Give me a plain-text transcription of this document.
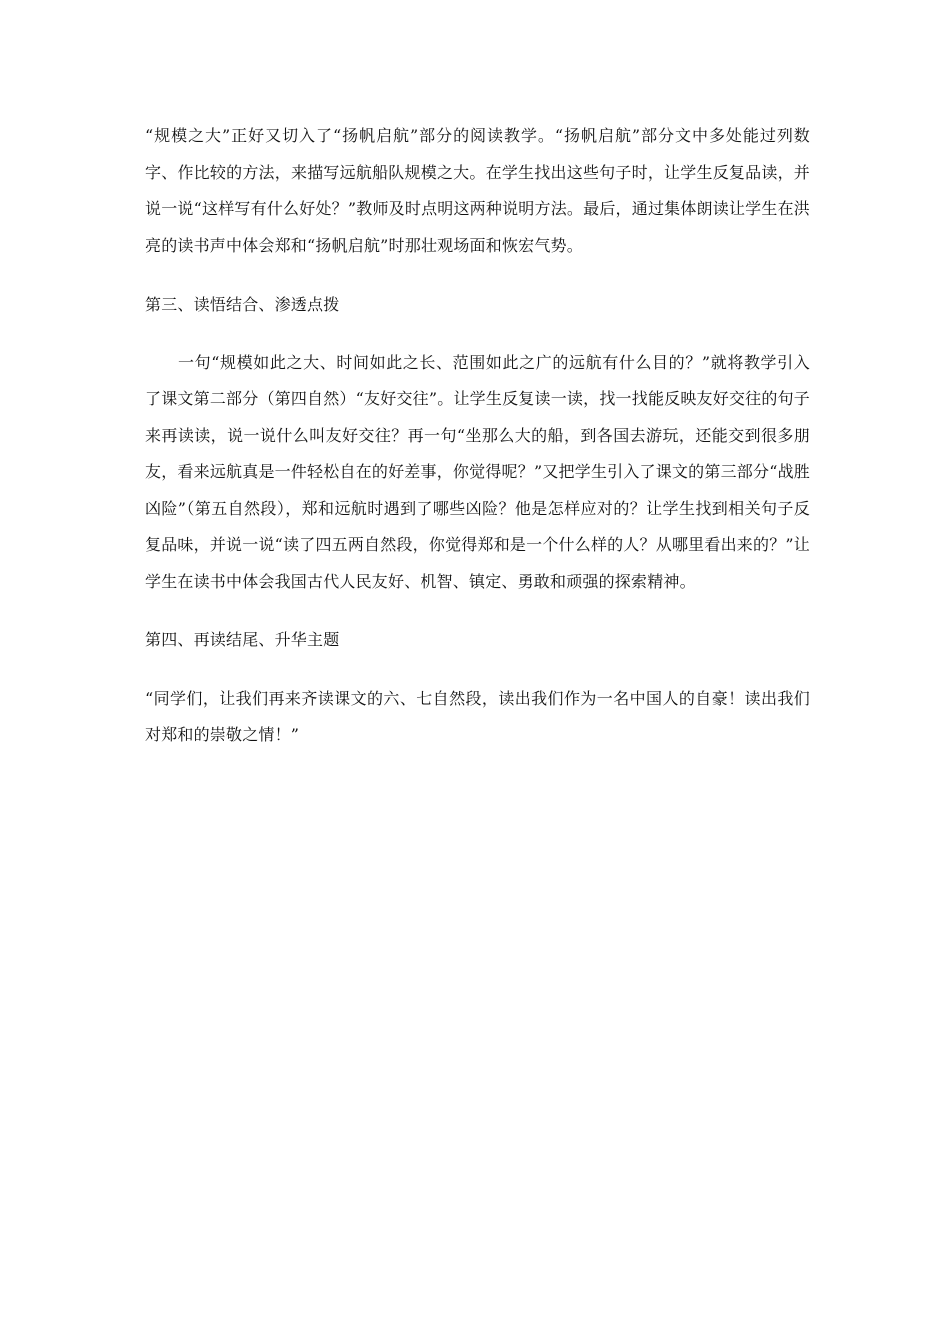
“规模之大”正好又切入了“扬帆启航”部分的阅读教学。“扬帆启航”部分文中多处能过列数字、作比较的方法，来描写远航船队规模之大。在学生找出这些句子时，让学生反复品读，并说一说“这样写有什么好处？”教师及时点明这两种说明方法。最后，通过集体朗读让学生在洪亮的读书声中体会郑和“扬帆启航”时那壮观场面和恢宏气势。

第三、读悟结合、渗透点拨

一句“规模如此之大、时间如此之长、范围如此之广的远航有什么目的？”就将教学引入了课文第二部分（第四自然）“友好交往”。让学生反复读一读，找一找能反映友好交往的句子来再读读，说一说什么叫友好交往？再一句“坐那么大的船，到各国去游玩，还能交到很多朋友，看来远航真是一件轻松自在的好差事，你觉得呢？”又把学生引入了课文的第三部分“战胜凶险”（第五自然段），郑和远航时遇到了哪些凶险？他是怎样应对的？让学生找到相关句子反复品味，并说一说“读了四五两自然段，你觉得郑和是一个什么样的人？从哪里看出来的？”让学生在读书中体会我国古代人民友好、机智、镇定、勇敢和顽强的探索精神。

第四、再读结尾、升华主题

“同学们，让我们再来齐读课文的六、七自然段，读出我们作为一名中国人的自豪！读出我们对郑和的崇敬之情！”
